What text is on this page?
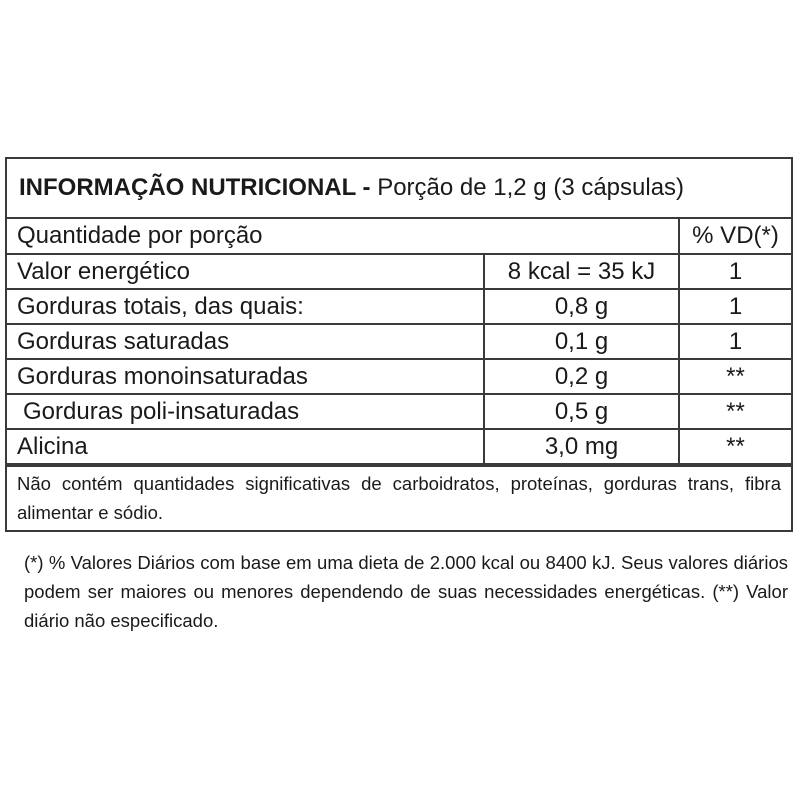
INFORMAÇÃO NUTRICIONAL - Porção de 1,2 g (3 cápsulas)
Quantidade por porção		% VD(*)
Valor energético	8 kcal = 35 kJ	1
Gorduras totais, das quais:	0,8 g	1
Gorduras saturadas	0,1 g	1
Gorduras monoinsaturadas	0,2 g	**
Gorduras poli-insaturadas	0,5 g	**
Alicina	3,0 mg	**
Não contém quantidades significativas de carboidratos, proteínas, gorduras trans, fibra alimentar e sódio.
(*) % Valores Diários com base em uma dieta de 2.000 kcal ou 8400 kJ. Seus valores diários podem ser maiores ou menores dependendo de suas necessidades energéticas. (**) Valor diário não especificado.
